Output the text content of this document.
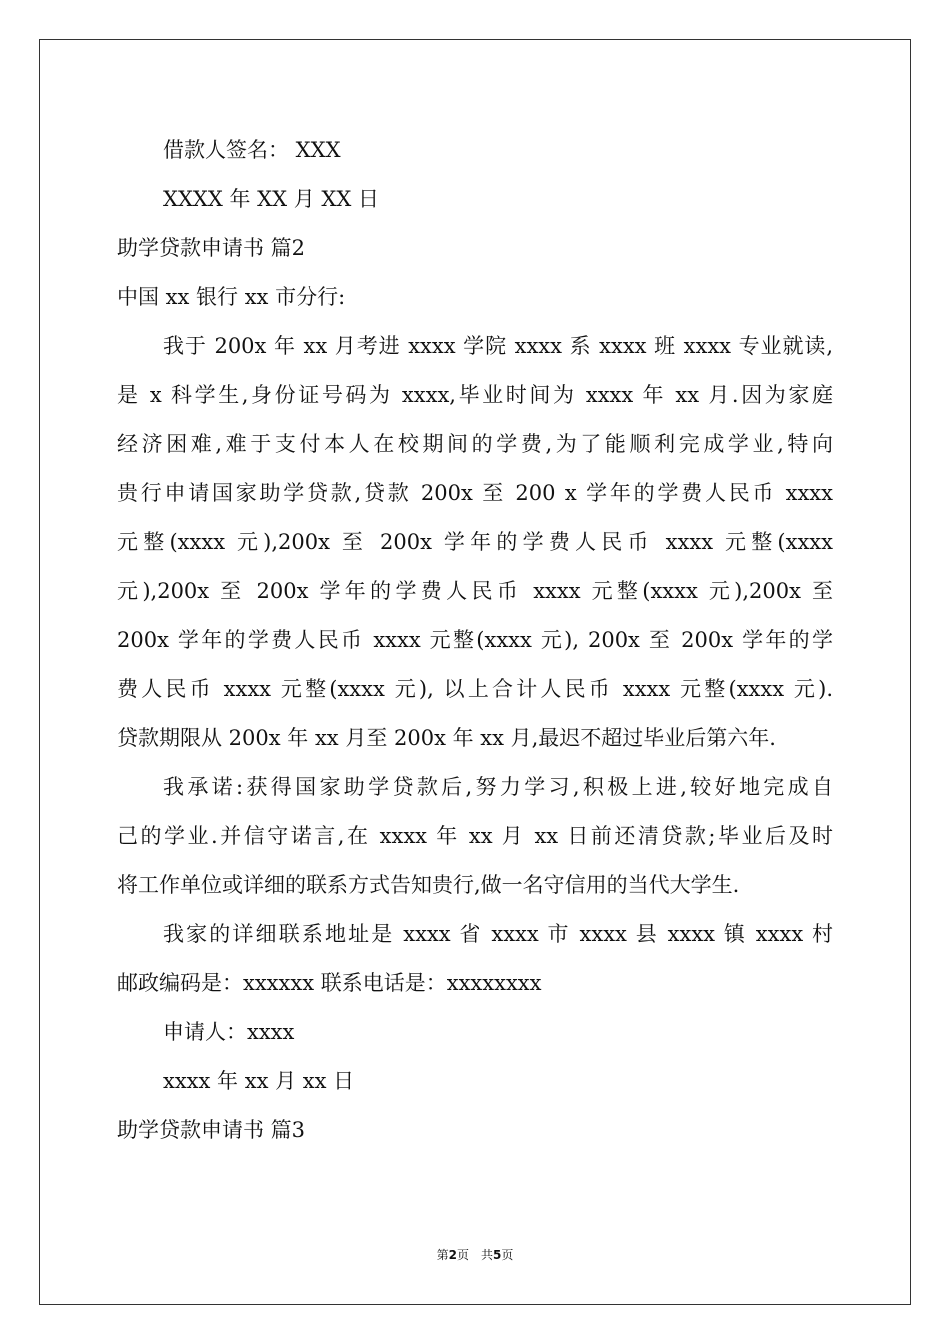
借款人签名： XXX
XXXX 年 XX 月 XX 日
助学贷款申请书 篇2
中国 xx 银行 xx 市分行:
我于 200x 年 xx 月考进 xxxx 学院 xxxx 系 xxxx 班 xxxx 专业就读,
是 x 科学生,身份证号码为 xxxx,毕业时间为 xxxx 年 xx 月.因为家庭
经济困难,难于支付本人在校期间的学费,为了能顺利完成学业,特向
贵行申请国家助学贷款,贷款 200x 至 200 x 学年的学费人民币 xxxx
元整(xxxx 元),200x 至 200x 学年的学费人民币 xxxx 元整(xxxx
元),200x 至 200x 学年的学费人民币 xxxx 元整(xxxx 元),200x 至
200x 学年的学费人民币 xxxx 元整(xxxx 元), 200x 至 200x 学年的学
费人民币 xxxx 元整(xxxx 元), 以上合计人民币 xxxx 元整(xxxx 元).
贷款期限从 200x 年 xx 月至 200x 年 xx 月,最迟不超过毕业后第六年.
我承诺:获得国家助学贷款后,努力学习,积极上进,较好地完成自
己的学业.并信守诺言,在 xxxx 年 xx 月 xx 日前还清贷款;毕业后及时
将工作单位或详细的联系方式告知贵行,做一名守信用的当代大学生.
我家的详细联系地址是 xxxx 省 xxxx 市 xxxx 县 xxxx 镇 xxxx 村
邮政编码是：xxxxxx 联系电话是：xxxxxxxx
申请人：xxxx
xxxx 年 xx 月 xx 日
助学贷款申请书 篇3
第2页　共5页
